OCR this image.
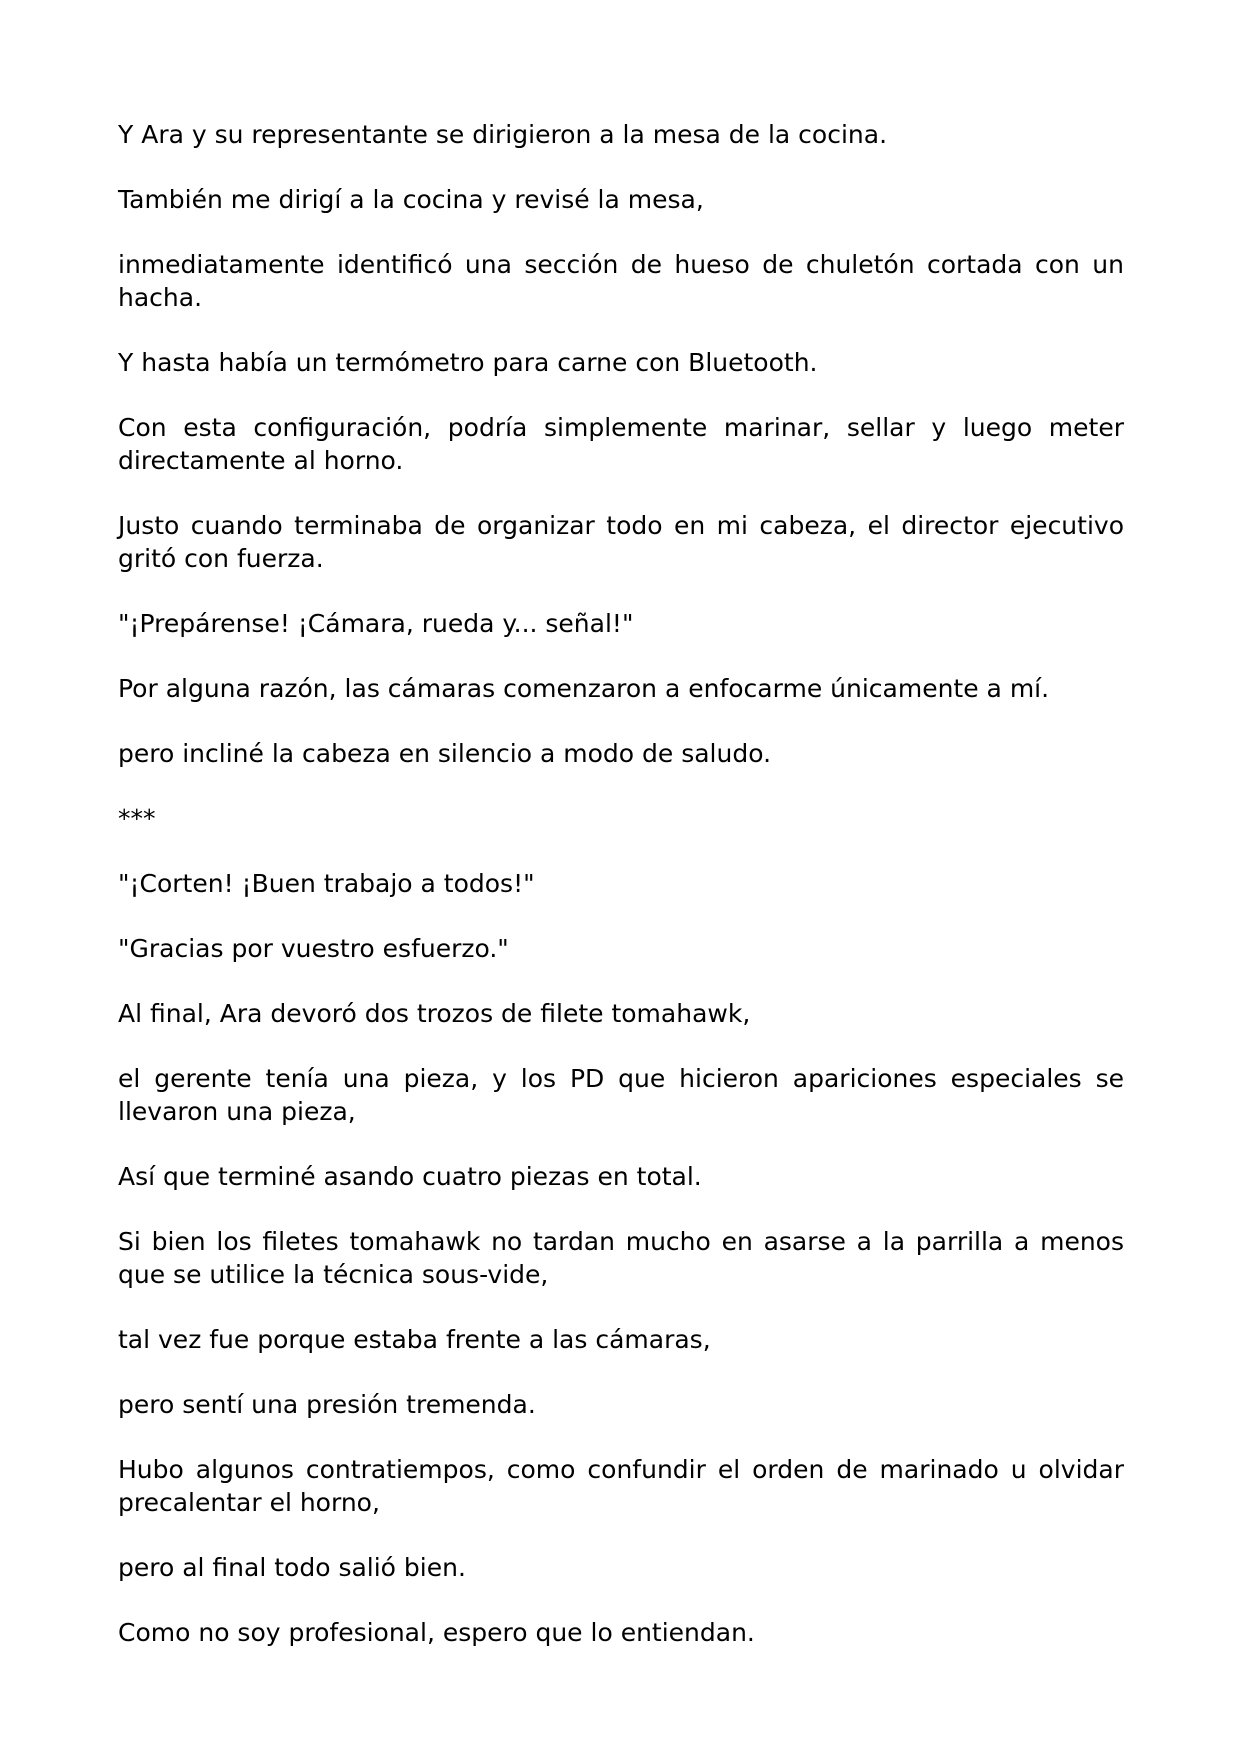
Y Ara y su representante se dirigieron a la mesa de la cocina.

También me dirigí a la cocina y revisé la mesa,

inmediatamente identificó una sección de hueso de chuletón cortada con un hacha.

Y hasta había un termómetro para carne con Bluetooth.

Con esta configuración, podría simplemente marinar, sellar y luego meter directamente al horno.

Justo cuando terminaba de organizar todo en mi cabeza, el director ejecutivo gritó con fuerza.

"¡Prepárense! ¡Cámara, rueda y... señal!"

Por alguna razón, las cámaras comenzaron a enfocarme únicamente a mí.

pero incliné la cabeza en silencio a modo de saludo.

***

"¡Corten! ¡Buen trabajo a todos!"

"Gracias por vuestro esfuerzo."

Al final, Ara devoró dos trozos de filete tomahawk,

el gerente tenía una pieza, y los PD que hicieron apariciones especiales se llevaron una pieza,

Así que terminé asando cuatro piezas en total.

Si bien los filetes tomahawk no tardan mucho en asarse a la parrilla a menos que se utilice la técnica sous-vide,

tal vez fue porque estaba frente a las cámaras,

pero sentí una presión tremenda.

Hubo algunos contratiempos, como confundir el orden de marinado u olvidar precalentar el horno,

pero al final todo salió bien.

Como no soy profesional, espero que lo entiendan.
